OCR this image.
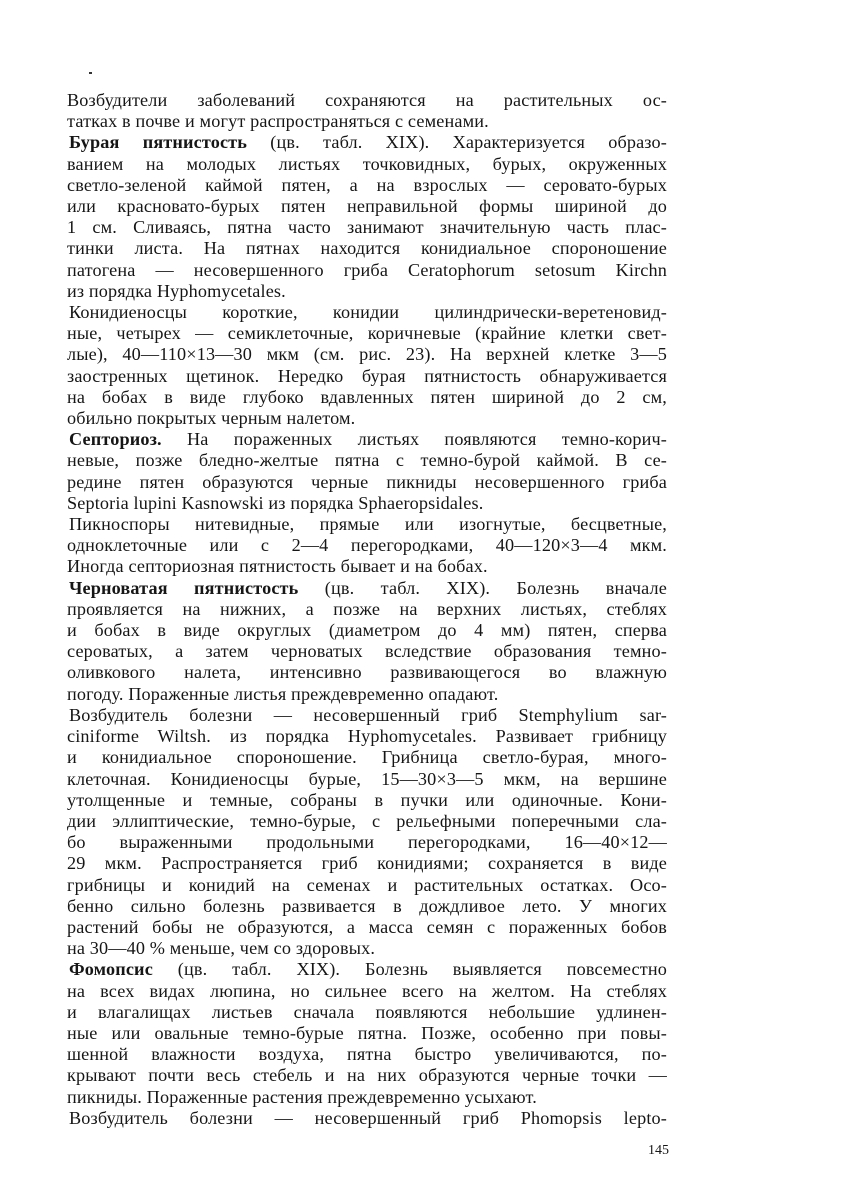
Возбудители заболеваний сохраняются на растительных ос-

татках в почве и могут распространяться с семенами.

Бурая пятнистость (цв. табл. XIX). Характеризуется образо-

ванием на молодых листьях точковидных, бурых, окруженных

светло-зеленой каймой пятен, а на взрослых — серовато-бурых

или красновато-бурых пятен неправильной формы шириной до

1 см. Сливаясь, пятна часто занимают значительную часть плас-

тинки листа. На пятнах находится конидиальное спороношение

патогена — несовершенного гриба Ceratophorum setosum Kirchn

из порядка Hyphomycetales.

Конидиеносцы короткие, конидии цилиндрически-веретеновид-

ные, четырех — семиклеточные, коричневые (крайние клетки свет-

лые), 40—110×13—30 мкм (см. рис. 23). На верхней клетке 3—5

заостренных щетинок. Нередко бурая пятнистость обнаруживается

на бобах в виде глубоко вдавленных пятен шириной до 2 см,

обильно покрытых черным налетом.

Септориоз. На пораженных листьях появляются темно-корич-

невые, позже бледно-желтые пятна с темно-бурой каймой. В се-

редине пятен образуются черные пикниды несовершенного гриба

Septoria lupini Kasnowski из порядка Sphaeropsidales.

Пикноспоры нитевидные, прямые или изогнутые, бесцветные,

одноклеточные или с 2—4 перегородками, 40—120×3—4 мкм.

Иногда септориозная пятнистость бывает и на бобах.

Черноватая пятнистость (цв. табл. XIX). Болезнь вначале

проявляется на нижних, а позже на верхних листьях, стеблях

и бобах в виде округлых (диаметром до 4 мм) пятен, сперва

сероватых, а затем черноватых вследствие образования темно-

оливкового налета, интенсивно развивающегося во влажную

погоду. Пораженные листья преждевременно опадают.

Возбудитель болезни — несовершенный гриб Stemphylium sar-

ciniforme Wiltsh. из порядка Hyphomycetales. Развивает грибницу

и конидиальное спороношение. Грибница светло-бурая, много-

клеточная. Конидиеносцы бурые, 15—30×3—5 мкм, на вершине

утолщенные и темные, собраны в пучки или одиночные. Кони-

дии эллиптические, темно-бурые, с рельефными поперечными сла-

бо выраженными продольными перегородками, 16—40×12—

29 мкм. Распространяется гриб конидиями; сохраняется в виде

грибницы и конидий на семенах и растительных остатках. Осо-

бенно сильно болезнь развивается в дождливое лето. У многих

растений бобы не образуются, а масса семян с пораженных бобов

на 30—40 % меньше, чем со здоровых.

Фомопсис (цв. табл. XIX). Болезнь выявляется повсеместно

на всех видах люпина, но сильнее всего на желтом. На стеблях

и влагалищах листьев сначала появляются небольшие удлинен-

ные или овальные темно-бурые пятна. Позже, особенно при повы-

шенной влажности воздуха, пятна быстро увеличиваются, по-

крывают почти весь стебель и на них образуются черные точки —

пикниды. Пораженные растения преждевременно усыхают.

Возбудитель болезни — несовершенный гриб Phomopsis lepto-

145
